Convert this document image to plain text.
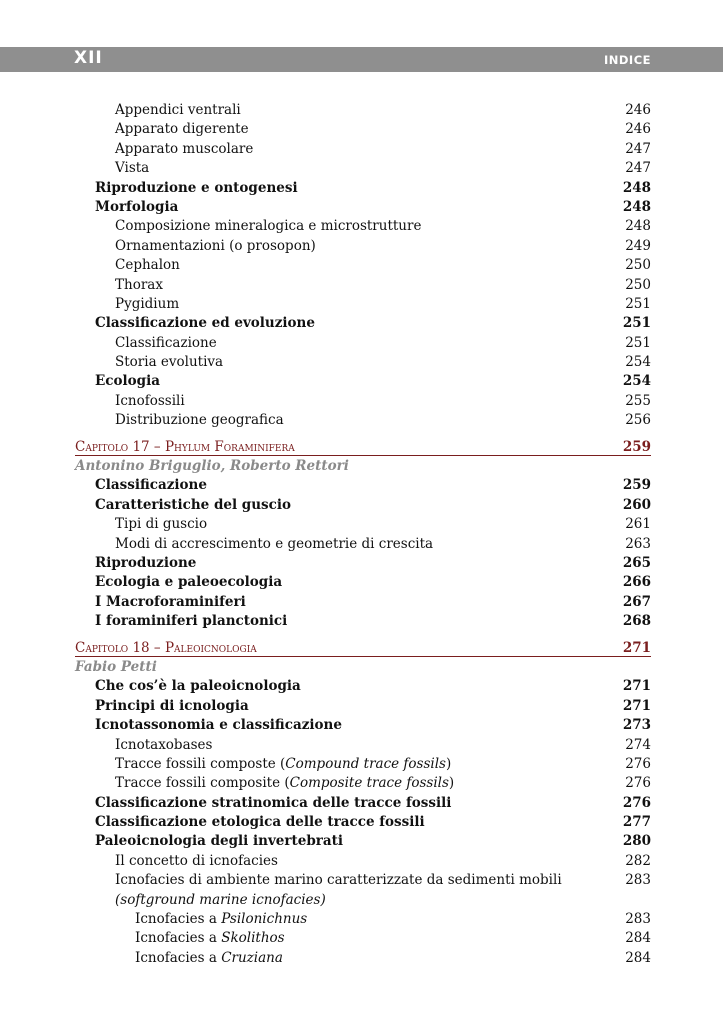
XII	INDICE
Appendici ventrali	246
Apparato digerente	246
Apparato muscolare	247
Vista	247
Riproduzione e ontogenesi	248
Morfologia	248
Composizione mineralogica e microstrutture	248
Ornamentazioni (o prosopon)	249
Cephalon	250
Thorax	250
Pygidium	251
Classificazione ed evoluzione	251
Classificazione	251
Storia evolutiva	254
Ecologia	254
Icnofossili	255
Distribuzione geografica	256
Capitolo 17 – Phylum Foraminifera	259
Antonino Briguglio, Roberto Rettori
Classificazione	259
Caratteristiche del guscio	260
Tipi di guscio	261
Modi di accrescimento e geometrie di crescita	263
Riproduzione	265
Ecologia e paleoecologia	266
I Macroforaminiferi	267
I foraminiferi planctonici	268
Capitolo 18 – Paleoicnologia	271
Fabio Petti
Che cos’è la paleoicnologia	271
Principi di icnologia	271
Icnotassonomia e classificazione	273
Icnotaxobases	274
Tracce fossili composte (Compound trace fossils)	276
Tracce fossili composite (Composite trace fossils)	276
Classificazione stratinomica delle tracce fossili	276
Classificazione etologica delle tracce fossili	277
Paleoicnologia degli invertebrati	280
Il concetto di icnofacies	282
Icnofacies di ambiente marino caratterizzate da sedimenti mobili	283
(softground marine icnofacies)
Icnofacies a Psilonichnus	283
Icnofacies a Skolithos	284
Icnofacies a Cruziana	284
